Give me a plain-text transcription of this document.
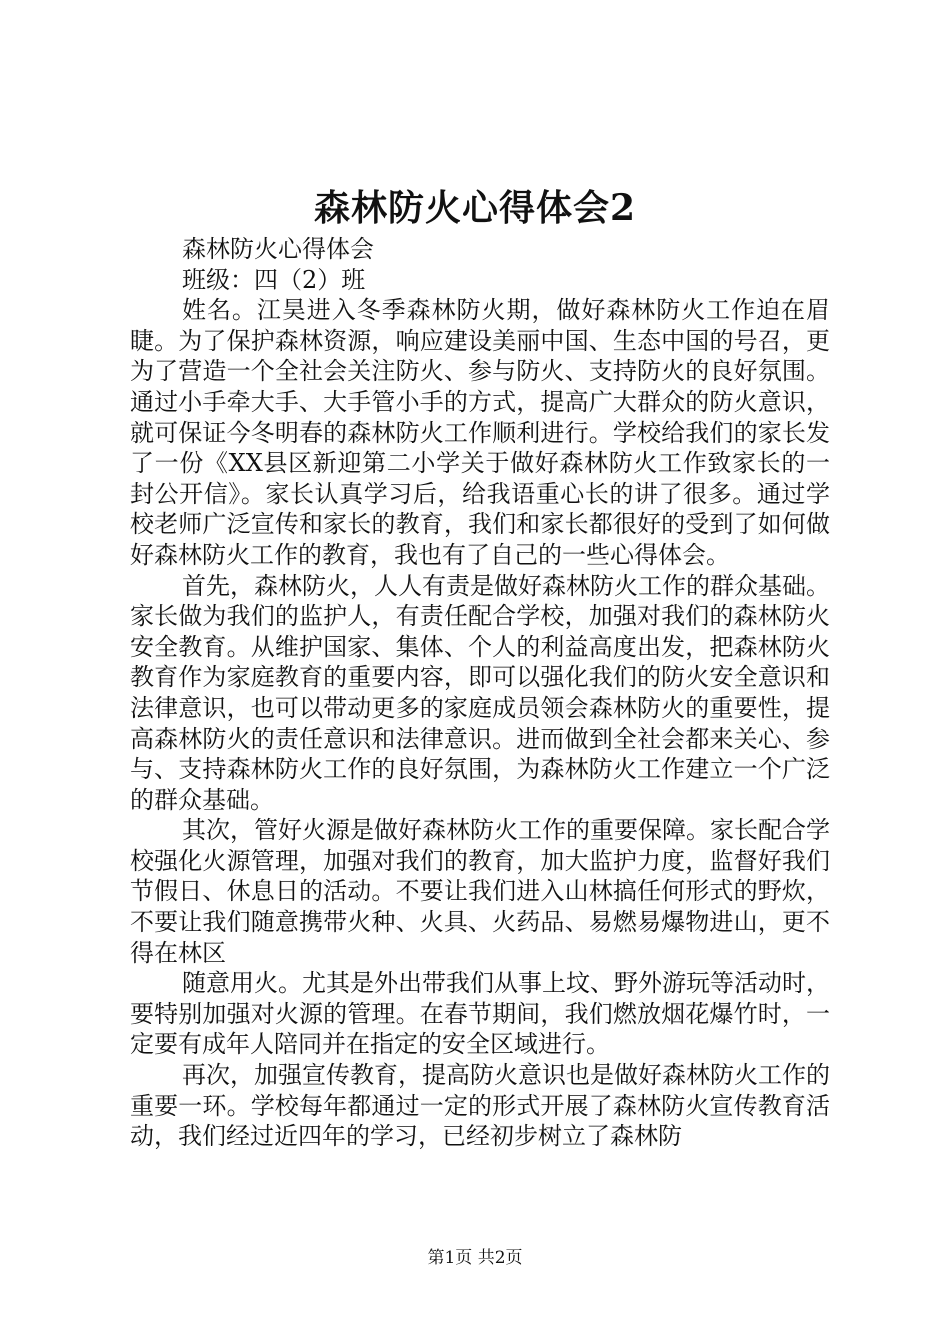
森林防火心得体会2

森林防火心得体会

班级：四（2）班

姓名。江昊进入冬季森林防火期，做好森林防火工作迫在眉睫。为了保护森林资源，响应建设美丽中国、生态中国的号召，更为了营造一个全社会关注防火、参与防火、支持防火的良好氛围。通过小手牵大手、大手管小手的方式，提高广大群众的防火意识，就可保证今冬明春的森林防火工作顺利进行。学校给我们的家长发了一份《XX县区新迎第二小学关于做好森林防火工作致家长的一封公开信》。家长认真学习后，给我语重心长的讲了很多。通过学校老师广泛宣传和家长的教育，我们和家长都很好的受到了如何做好森林防火工作的教育，我也有了自己的一些心得体会。

首先，森林防火，人人有责是做好森林防火工作的群众基础。家长做为我们的监护人，有责任配合学校，加强对我们的森林防火安全教育。从维护国家、集体、个人的利益高度出发，把森林防火教育作为家庭教育的重要内容，即可以强化我们的防火安全意识和法律意识，也可以带动更多的家庭成员领会森林防火的重要性，提高森林防火的责任意识和法律意识。进而做到全社会都来关心、参与、支持森林防火工作的良好氛围，为森林防火工作建立一个广泛的群众基础。

其次，管好火源是做好森林防火工作的重要保障。家长配合学校强化火源管理，加强对我们的教育，加大监护力度，监督好我们节假日、休息日的活动。不要让我们进入山林搞任何形式的野炊，不要让我们随意携带火种、火具、火药品、易燃易爆物进山，更不得在林区

随意用火。尤其是外出带我们从事上坟、野外游玩等活动时，要特别加强对火源的管理。在春节期间，我们燃放烟花爆竹时，一定要有成年人陪同并在指定的安全区域进行。

再次，加强宣传教育，提高防火意识也是做好森林防火工作的重要一环。学校每年都通过一定的形式开展了森林防火宣传教育活动，我们经过近四年的学习，已经初步树立了森林防

第1页 共2页
